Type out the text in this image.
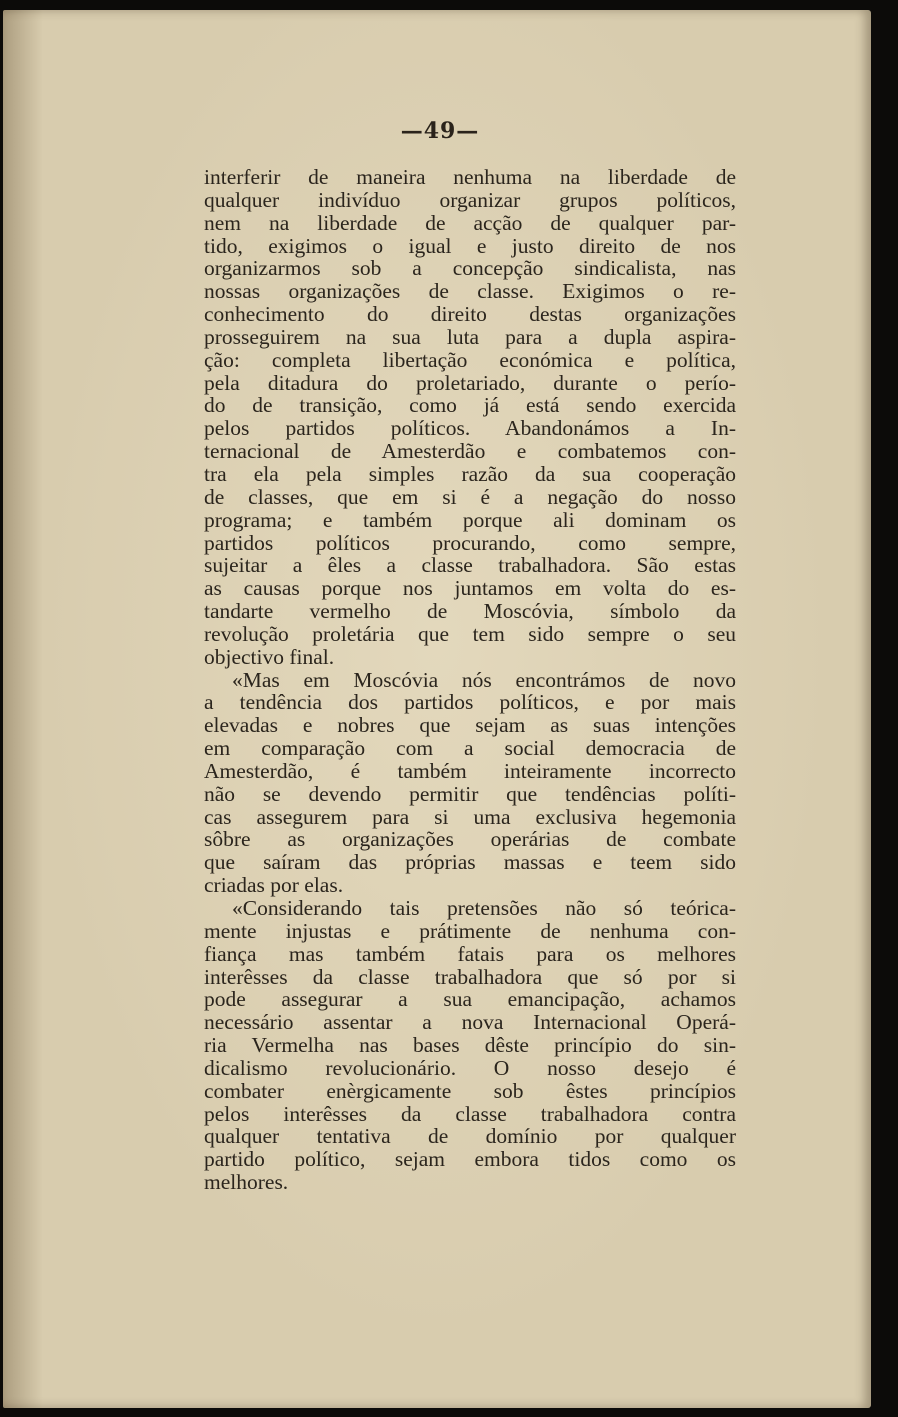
—49—
interferir de maneira nenhuma na liberdade de
qualquer indivíduo organizar grupos políticos,
nem na liberdade de acção de qualquer par-
tido, exigimos o igual e justo direito de nos
organizarmos sob a concepção sindicalista, nas
nossas organizações de classe. Exigimos o re-
conhecimento do direito destas organizações
prosseguirem na sua luta para a dupla aspira-
ção: completa libertação económica e política,
pela ditadura do proletariado, durante o perío-
do de transição, como já está sendo exercida
pelos partidos políticos. Abandonámos a In-
ternacional de Amesterdão e combatemos con-
tra ela pela simples razão da sua cooperação
de classes, que em si é a negação do nosso
programa; e também porque ali dominam os
partidos políticos procurando, como sempre,
sujeitar a êles a classe trabalhadora. São estas
as causas porque nos juntamos em volta do es-
tandarte vermelho de Moscóvia, símbolo da
revolução proletária que tem sido sempre o seu
objectivo final.
«Mas em Moscóvia nós encontrámos de novo
a tendência dos partidos políticos, e por mais
elevadas e nobres que sejam as suas intenções
em comparação com a social democracia de
Amesterdão, é também inteiramente incorrecto
não se devendo permitir que tendências políti-
cas assegurem para si uma exclusiva hegemonia
sôbre as organizações operárias de combate
que saíram das próprias massas e teem sido
criadas por elas.
«Considerando tais pretensões não só teórica-
mente injustas e prátimente de nenhuma con-
fiança mas também fatais para os melhores
interêsses da classe trabalhadora que só por si
pode assegurar a sua emancipação, achamos
necessário assentar a nova Internacional Operá-
ria Vermelha nas bases dêste princípio do sin-
dicalismo revolucionário. O nosso desejo é
combater enèrgicamente sob êstes princípios
pelos interêsses da classe trabalhadora contra
qualquer tentativa de domínio por qualquer
partido político, sejam embora tidos como os
melhores.
